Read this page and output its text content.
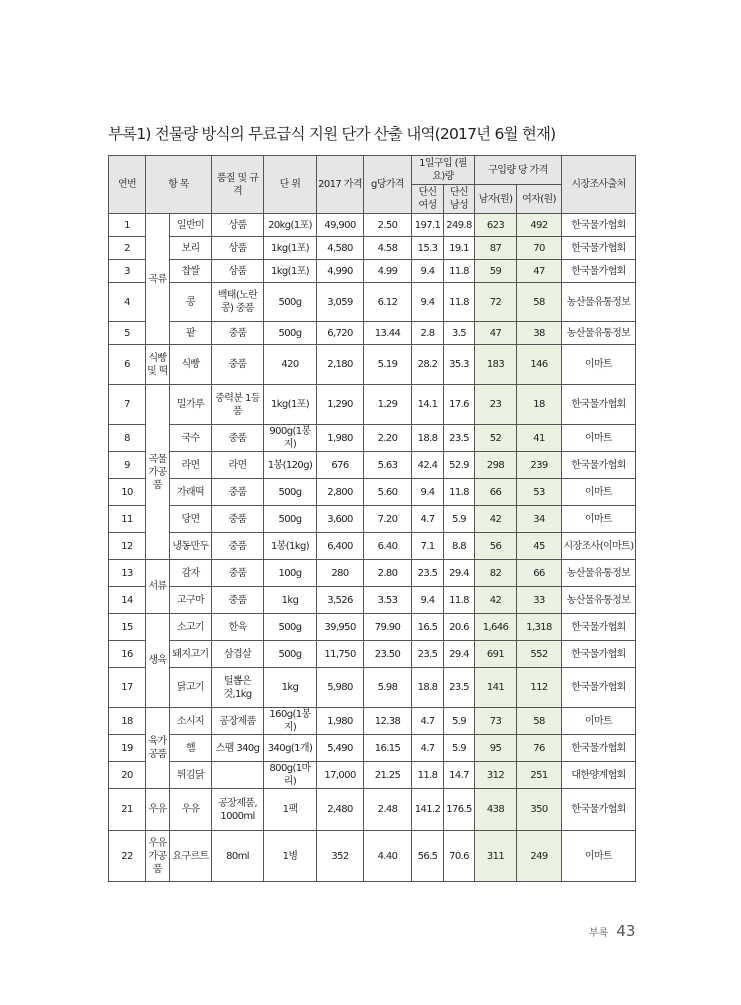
부록1) 전물량 방식의 무료급식 지원 단가 산출 내역(2017년 6월 현재)
연번	항 목		품질 및 규격	단 위	2017 가격	g당가격	1일구입 (필요)량		구입량 당 가격		시장조사출처
							단신 여성	단신 남성	남자(원)	여자(원)	
1	곡류	일반미	상품	20kg(1포)	49,900	2.50	197.1	249.8	623	492	한국물가협회
2		보리	상품	1kg(1포)	4,580	4.58	15.3	19.1	87	70	한국물가협회
3		찹쌀	상품	1kg(1포)	4,990	4.99	9.4	11.8	59	47	한국물가협회
4		콩	백태(노란 콩) 중품	500g	3,059	6.12	9.4	11.8	72	58	농산물유통정보
5		팥	중품	500g	6,720	13.44	2.8	3.5	47	38	농산물유통정보
6	식빵 및 떡	식빵	중품	420	2,180	5.19	28.2	35.3	183	146	이마트
7	곡물 가공 품	밀가루	중력분 1등품	1kg(1포)	1,290	1.29	14.1	17.6	23	18	한국물가협회
8		국수	중품	900g(1봉지)	1,980	2.20	18.8	23.5	52	41	이마트
9		라면	라면	1봉(120g)	676	5.63	42.4	52.9	298	239	한국물가협회
10		가래떡	중품	500g	2,800	5.60	9.4	11.8	66	53	이마트
11		당면	중품	500g	3,600	7.20	4.7	5.9	42	34	이마트
12		냉동만두	중품	1봉(1kg)	6,400	6.40	7.1	8.8	56	45	시장조사(이마트)
13	서류	감자	중품	100g	280	2.80	23.5	29.4	82	66	농산물유통정보
14		고구마	중품	1kg	3,526	3.53	9.4	11.8	42	33	농산물유통정보
15	생육	소고기	한육	500g	39,950	79.90	16.5	20.6	1,646	1,318	한국물가협회
16		돼지고기	삼겹살	500g	11,750	23.50	23.5	29.4	691	552	한국물가협회
17		닭고기	털뽑은 것,1kg	1kg	5,980	5.98	18.8	23.5	141	112	한국물가협회
18	육가 공품	소시지	공장제품	160g(1봉지)	1,980	12.38	4.7	5.9	73	58	이마트
19		햄	스팸 340g	340g(1개)	5,490	16.15	4.7	5.9	95	76	한국물가협회
20		튀김닭		800g(1마리)	17,000	21.25	11.8	14.7	312	251	대한양계협회
21	우유	우유	공장제품, 1000ml	1팩	2,480	2.48	141.2	176.5	438	350	한국물가협회
22	우유 가공 품	요구르트	80ml	1병	352	4.40	56.5	70.6	311	249	이마트
부록 43
